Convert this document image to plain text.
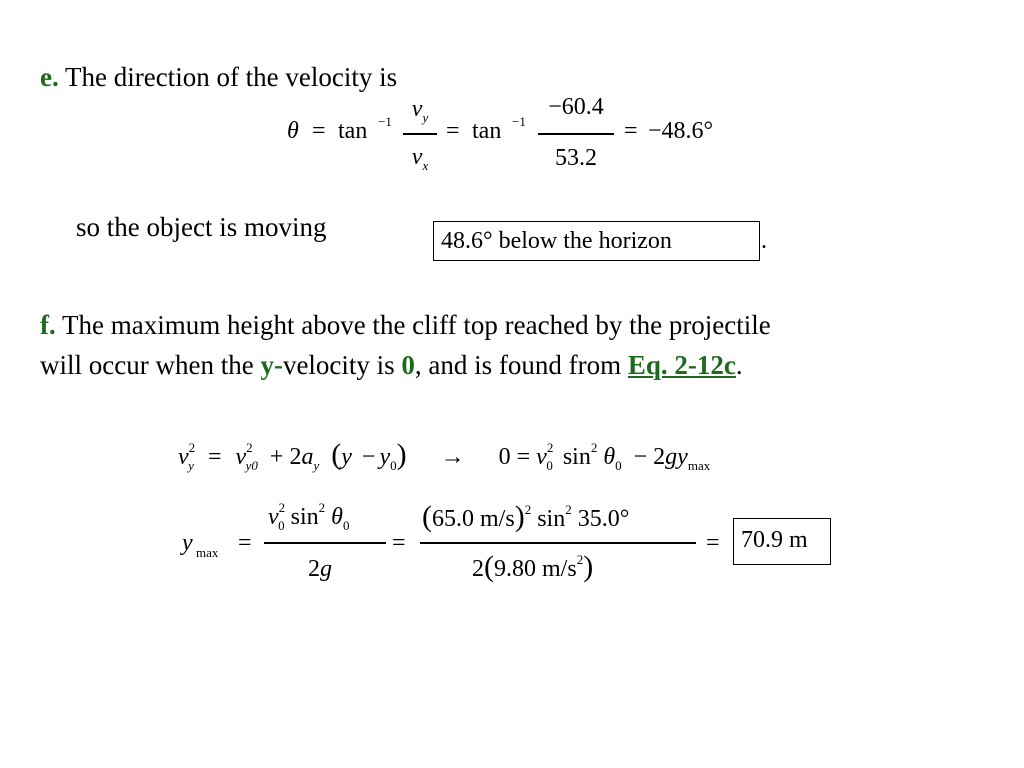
e. The direction of the velocity is
θ = tan −1 $v_y$
$v_x$
= tan −1
−60.4
53.2
= −48.6°
so the object is moving	48.6° below the horizon	.
f. The maximum height above the cliff top reached by the projectile
will occur when the y-velocity is 0, and is found from Eq. 2-12c.
$v^2_y = v^2_{y0} + 2a_y$ $(y - y_0) \to 0 = v^2_0$ $\sin^2 \theta_0 - 2gy_{max}$
y max =
$v^2_0$ $\sin^2 \theta_0$
2g
=
(65.0 m/s)$^2$ $\sin^2 35.0^\circ$
2(9.80 $m/s^2$)
= 70.9 m
